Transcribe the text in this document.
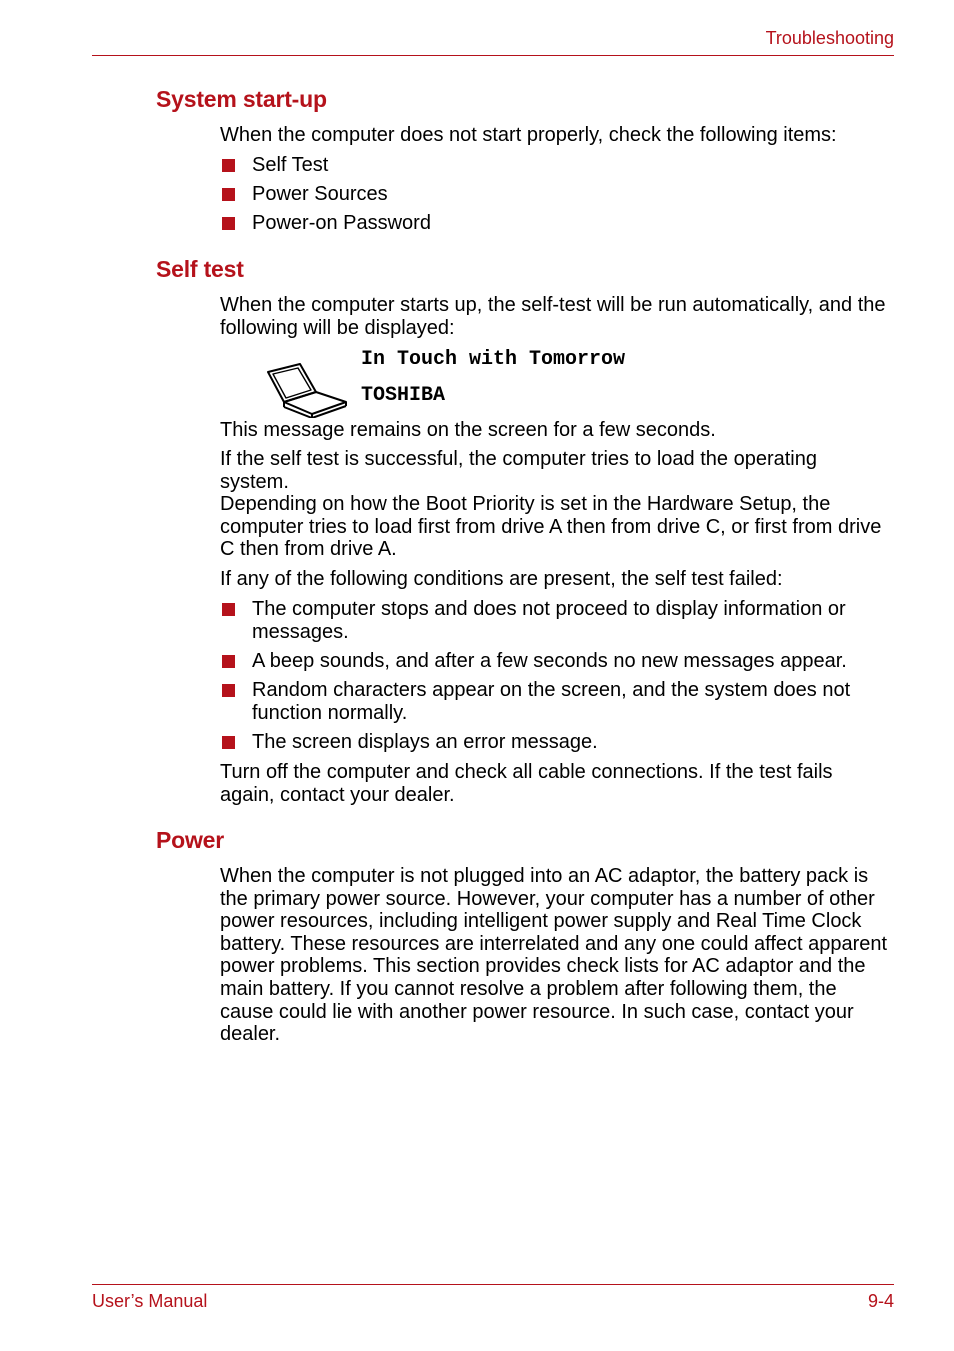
Troubleshooting
System start-up
When the computer does not start properly, check the following items:
Self Test
Power Sources
Power-on Password
Self test
When the computer starts up, the self-test will be run automatically, and the
following will be displayed:
In Touch with Tomorrow
TOSHIBA
This message remains on the screen for a few seconds.
If the self test is successful, the computer tries to load the operating
system.
Depending on how the Boot Priority is set in the Hardware Setup, the
computer tries to load first from drive A then from drive C, or first from drive
C then from drive A.
If any of the following conditions are present, the self test failed:
The computer stops and does not proceed to display information or
messages.
A beep sounds, and after a few seconds no new messages appear.
Random characters appear on the screen, and the system does not
function normally.
The screen displays an error message.
Turn off the computer and check all cable connections. If the test fails
again, contact your dealer.
Power
When the computer is not plugged into an AC adaptor, the battery pack is
the primary power source. However, your computer has a number of other
power resources, including intelligent power supply and Real Time Clock
battery. These resources are interrelated and any one could affect apparent
power problems. This section provides check lists for AC adaptor and the
main battery. If you cannot resolve a problem after following them, the
cause could lie with another power resource. In such case, contact your
dealer.
User’s Manual	9-4
